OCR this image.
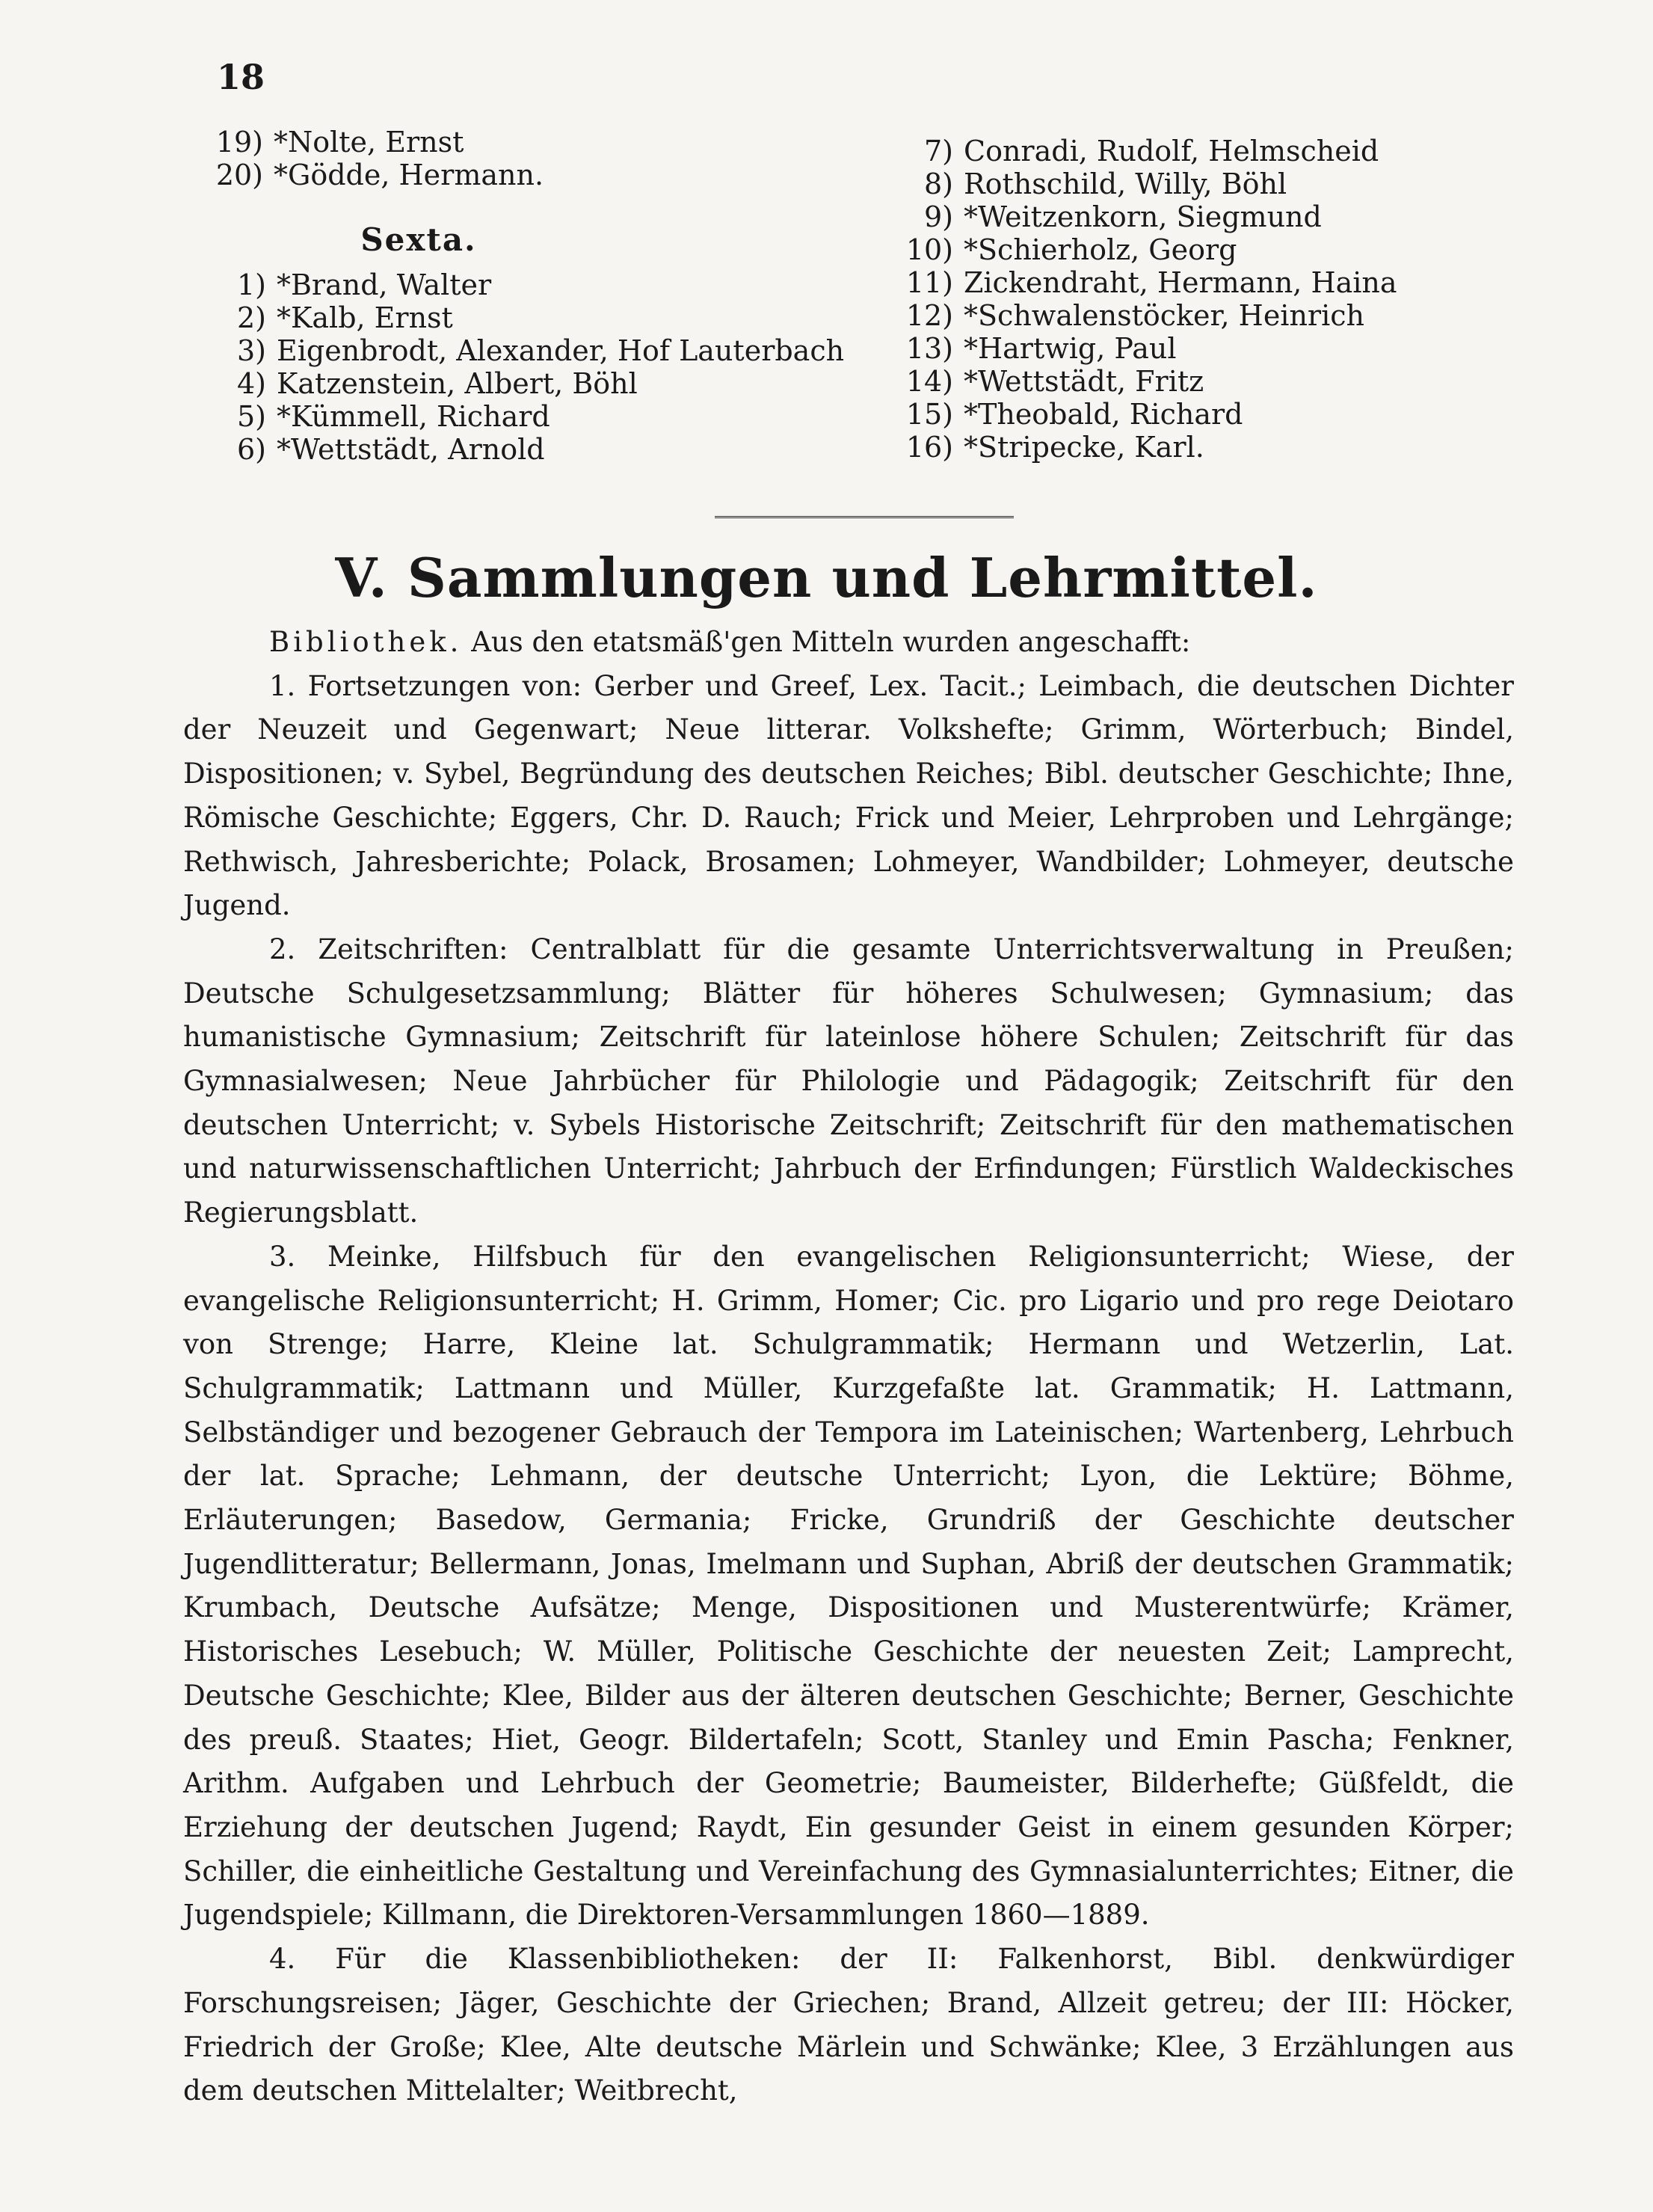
18
19) *Nolte, Ernst
20) *Gödde, Hermann.
Sexta.
1) *Brand, Walter
2) *Kalb, Ernst
3) Eigenbrodt, Alexander, Hof Lauterbach
4) Katzenstein, Albert, Böhl
5) *Kümmell, Richard
6) *Wettstädt, Arnold
7) Conradi, Rudolf, Helmscheid
8) Rothschild, Willy, Böhl
9) *Weitzenkorn, Siegmund
10) *Schierholz, Georg
11) Zickendraht, Hermann, Haina
12) *Schwalenstöcker, Heinrich
13) *Hartwig, Paul
14) *Wettstädt, Fritz
15) *Theobald, Richard
16) *Stripecke, Karl.
V. Sammlungen und Lehrmittel.

Bibliothek. Aus den etatsmäß'gen Mitteln wurden angeschafft:

1. Fortsetzungen von: Gerber und Greef, Lex. Tacit.; Leimbach, die deutschen Dichter der Neuzeit und Gegenwart; Neue litterar. Volkshefte; Grimm, Wörterbuch; Bindel, Dispositionen; v. Sybel, Begründung des deutschen Reiches; Bibl. deutscher Geschichte; Ihne, Römische Geschichte; Eggers, Chr. D. Rauch; Frick und Meier, Lehrproben und Lehrgänge; Rethwisch, Jahresberichte; Polack, Brosamen; Lohmeyer, Wandbilder; Lohmeyer, deutsche Jugend.

2. Zeitschriften: Centralblatt für die gesamte Unterrichtsverwaltung in Preußen; Deutsche Schulgesetzsammlung; Blätter für höheres Schulwesen; Gymnasium; das humanistische Gymnasium; Zeitschrift für lateinlose höhere Schulen; Zeitschrift für das Gymnasialwesen; Neue Jahrbücher für Philologie und Pädagogik; Zeitschrift für den deutschen Unterricht; v. Sybels Historische Zeitschrift; Zeitschrift für den mathematischen und naturwissenschaftlichen Unterricht; Jahrbuch der Erfindungen; Fürstlich Waldeckisches Regierungsblatt.

3. Meinke, Hilfsbuch für den evangelischen Religionsunterricht; Wiese, der evangelische Religionsunterricht; H. Grimm, Homer; Cic. pro Ligario und pro rege Deiotaro von Strenge; Harre, Kleine lat. Schulgrammatik; Hermann und Wetzerlin, Lat. Schulgrammatik; Lattmann und Müller, Kurzgefaßte lat. Grammatik; H. Lattmann, Selbständiger und bezogener Gebrauch der Tempora im Lateinischen; Wartenberg, Lehrbuch der lat. Sprache; Lehmann, der deutsche Unterricht; Lyon, die Lektüre; Böhme, Erläuterungen; Basedow, Germania; Fricke, Grundriß der Geschichte deutscher Jugendlitteratur; Bellermann, Jonas, Imelmann und Suphan, Abriß der deutschen Grammatik; Krumbach, Deutsche Aufsätze; Menge, Dispositionen und Musterentwürfe; Krämer, Historisches Lesebuch; W. Müller, Politische Geschichte der neuesten Zeit; Lamprecht, Deutsche Geschichte; Klee, Bilder aus der älteren deutschen Geschichte; Berner, Geschichte des preuß. Staates; Hiet, Geogr. Bildertafeln; Scott, Stanley und Emin Pascha; Fenkner, Arithm. Aufgaben und Lehrbuch der Geometrie; Baumeister, Bilderhefte; Güßfeldt, die Erziehung der deutschen Jugend; Raydt, Ein gesunder Geist in einem gesunden Körper; Schiller, die einheitliche Gestaltung und Vereinfachung des Gymnasialunterrichtes; Eitner, die Jugendspiele; Killmann, die Direktoren-Versammlungen 1860—1889.

4. Für die Klassenbibliotheken: der II: Falkenhorst, Bibl. denkwürdiger Forschungsreisen; Jäger, Geschichte der Griechen; Brand, Allzeit getreu; der III: Höcker, Friedrich der Große; Klee, Alte deutsche Märlein und Schwänke; Klee, 3 Erzählungen aus dem deutschen Mittelalter; Weitbrecht,
